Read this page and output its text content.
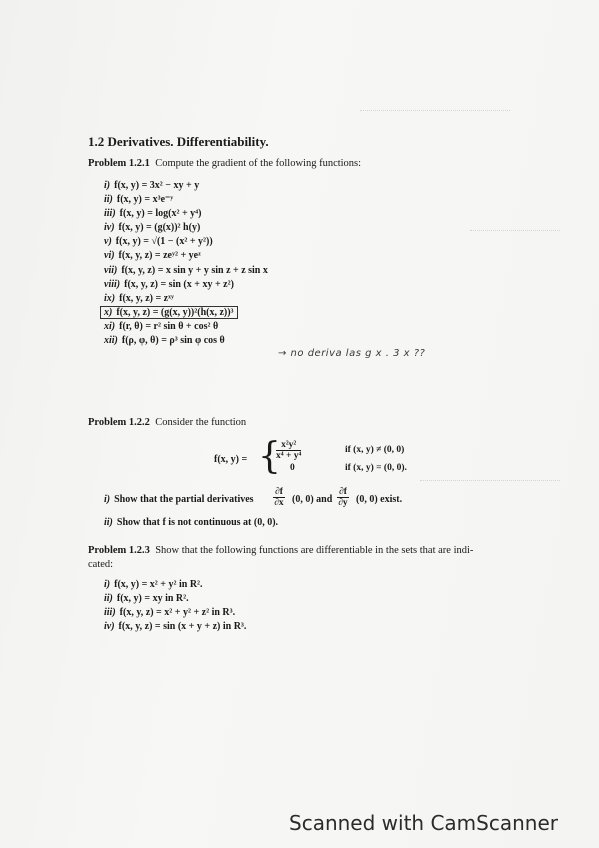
1.2 Derivatives. Differentiability.
Problem 1.2.1 Compute the gradient of the following functions:
i) f(x, y) = 3x² − xy + y
ii) f(x, y) = x³e⁻ʸ
iii) f(x, y) = log(x² + y⁴)
iv) f(x, y) = (g(x))² h(y)
v) f(x, y) = √(1 − (x² + y²))
vi) f(x, y, z) = zeʸ² + yeᶻ
vii) f(x, y, z) = x sin y + y sin z + z sin x
viii) f(x, y, z) = sin (x + xy + z²)
ix) f(x, y, z) = zˣʸ
x) f(x, y, z) = (g(x, y))²(h(x, z))³
xi) f(r, θ) = r² sin θ + cos² θ
xii) f(ρ, φ, θ) = ρ³ sin φ cos θ
→ no deriva las g x . 3 x ??
Problem 1.2.2 Consider the function
f(x, y) = {
$\frac{\text{x²y²}}{\text{x⁴ + y⁴}}$	if (x, y) ≠ (0, 0)
0	if (x, y) = (0, 0).
i) Show that the partial derivatives $\frac{\partial f}{\partial x} (0$, 0) and $\frac{\partial f}{\partial y} (0$, 0) exist.
ii) Show that f is not continuous at (0, 0).
Problem 1.2.3 Show that the following functions are differentiable in the sets that are indi-
cated:
i) f(x, y) = x² + y² in R².
ii) f(x, y) = xy in R².
iii) f(x, y, z) = x² + y² + z² in R³.
iv) f(x, y, z) = sin (x + y + z) in R³.
Scanned with CamScanner
